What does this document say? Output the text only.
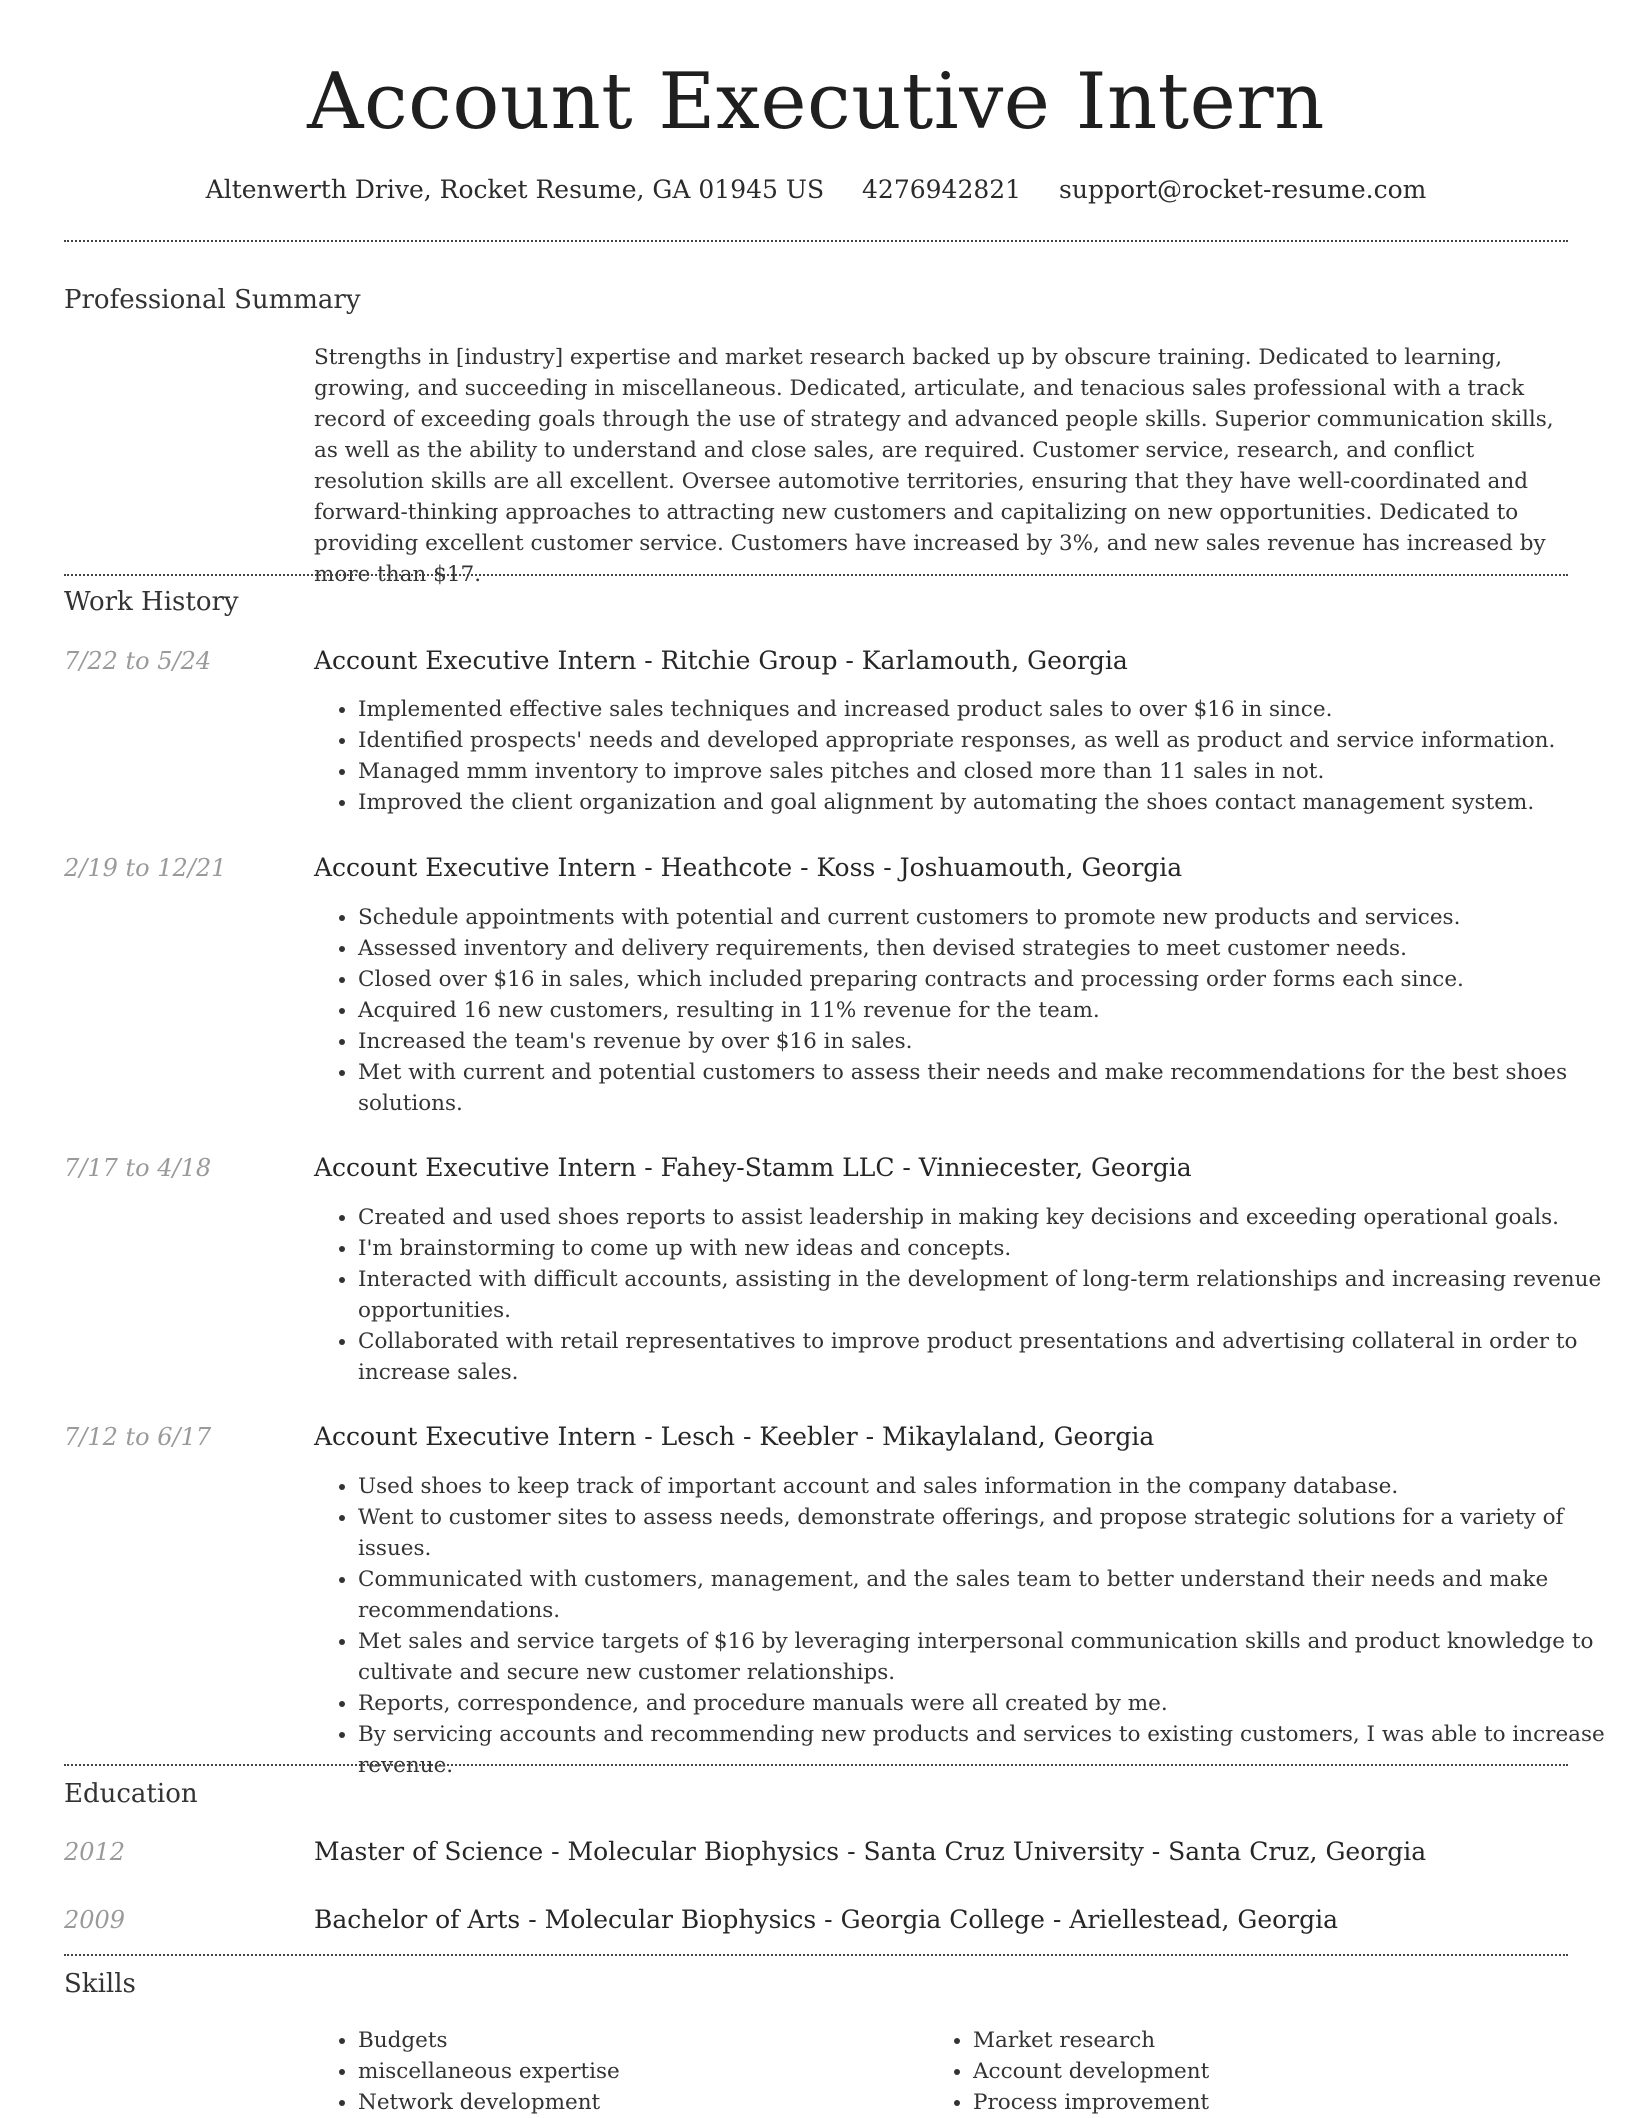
Account Executive Intern
Altenwerth Drive, Rocket Resume, GA 01945 US 4276942821 support@rocket-resume.com
Professional Summary

Strengths in [industry] expertise and market research backed up by obscure training. Dedicated to learning, growing, and succeeding in miscellaneous. Dedicated, articulate, and tenacious sales professional with a track record of exceeding goals through the use of strategy and advanced people skills. Superior communication skills, as well as the ability to understand and close sales, are required. Customer service, research, and conflict resolution skills are all excellent. Oversee automotive territories, ensuring that they have well-coordinated and forward-thinking approaches to attracting new customers and capitalizing on new opportunities. Dedicated to providing excellent customer service. Customers have increased by 3%, and new sales revenue has increased by more than $17.

Work History
7/22 to 5/24	Account Executive Intern - Ritchie Group - Karlamouth, Georgia
• Implemented effective sales techniques and increased product sales to over $16 in since.
• Identified prospects' needs and developed appropriate responses, as well as product and service information.
• Managed mmm inventory to improve sales pitches and closed more than 11 sales in not.
• Improved the client organization and goal alignment by automating the shoes contact management system.
2/19 to 12/21	Account Executive Intern - Heathcote - Koss - Joshuamouth, Georgia
• Schedule appointments with potential and current customers to promote new products and services.
• Assessed inventory and delivery requirements, then devised strategies to meet customer needs.
• Closed over $16 in sales, which included preparing contracts and processing order forms each since.
• Acquired 16 new customers, resulting in 11% revenue for the team.
• Increased the team's revenue by over $16 in sales.
• Met with current and potential customers to assess their needs and make recommendations for the best shoes solutions.
7/17 to 4/18	Account Executive Intern - Fahey-Stamm LLC - Vinniecester, Georgia
• Created and used shoes reports to assist leadership in making key decisions and exceeding operational goals.
• I'm brainstorming to come up with new ideas and concepts.
• Interacted with difficult accounts, assisting in the development of long-term relationships and increasing revenue opportunities.
• Collaborated with retail representatives to improve product presentations and advertising collateral in order to increase sales.
7/12 to 6/17	Account Executive Intern - Lesch - Keebler - Mikaylaland, Georgia
• Used shoes to keep track of important account and sales information in the company database.
• Went to customer sites to assess needs, demonstrate offerings, and propose strategic solutions for a variety of issues.
• Communicated with customers, management, and the sales team to better understand their needs and make recommendations.
• Met sales and service targets of $16 by leveraging interpersonal communication skills and product knowledge to cultivate and secure new customer relationships.
• Reports, correspondence, and procedure manuals were all created by me.
• By servicing accounts and recommending new products and services to existing customers, I was able to increase revenue.
Education
2012	Master of Science - Molecular Biophysics - Santa Cruz University - Santa Cruz, Georgia
2009	Bachelor of Arts - Molecular Biophysics - Georgia College - Ariellestead, Georgia
Skills
• Budgets
• miscellaneous expertise
• Network development
• Market research
• Account development
• Process improvement
